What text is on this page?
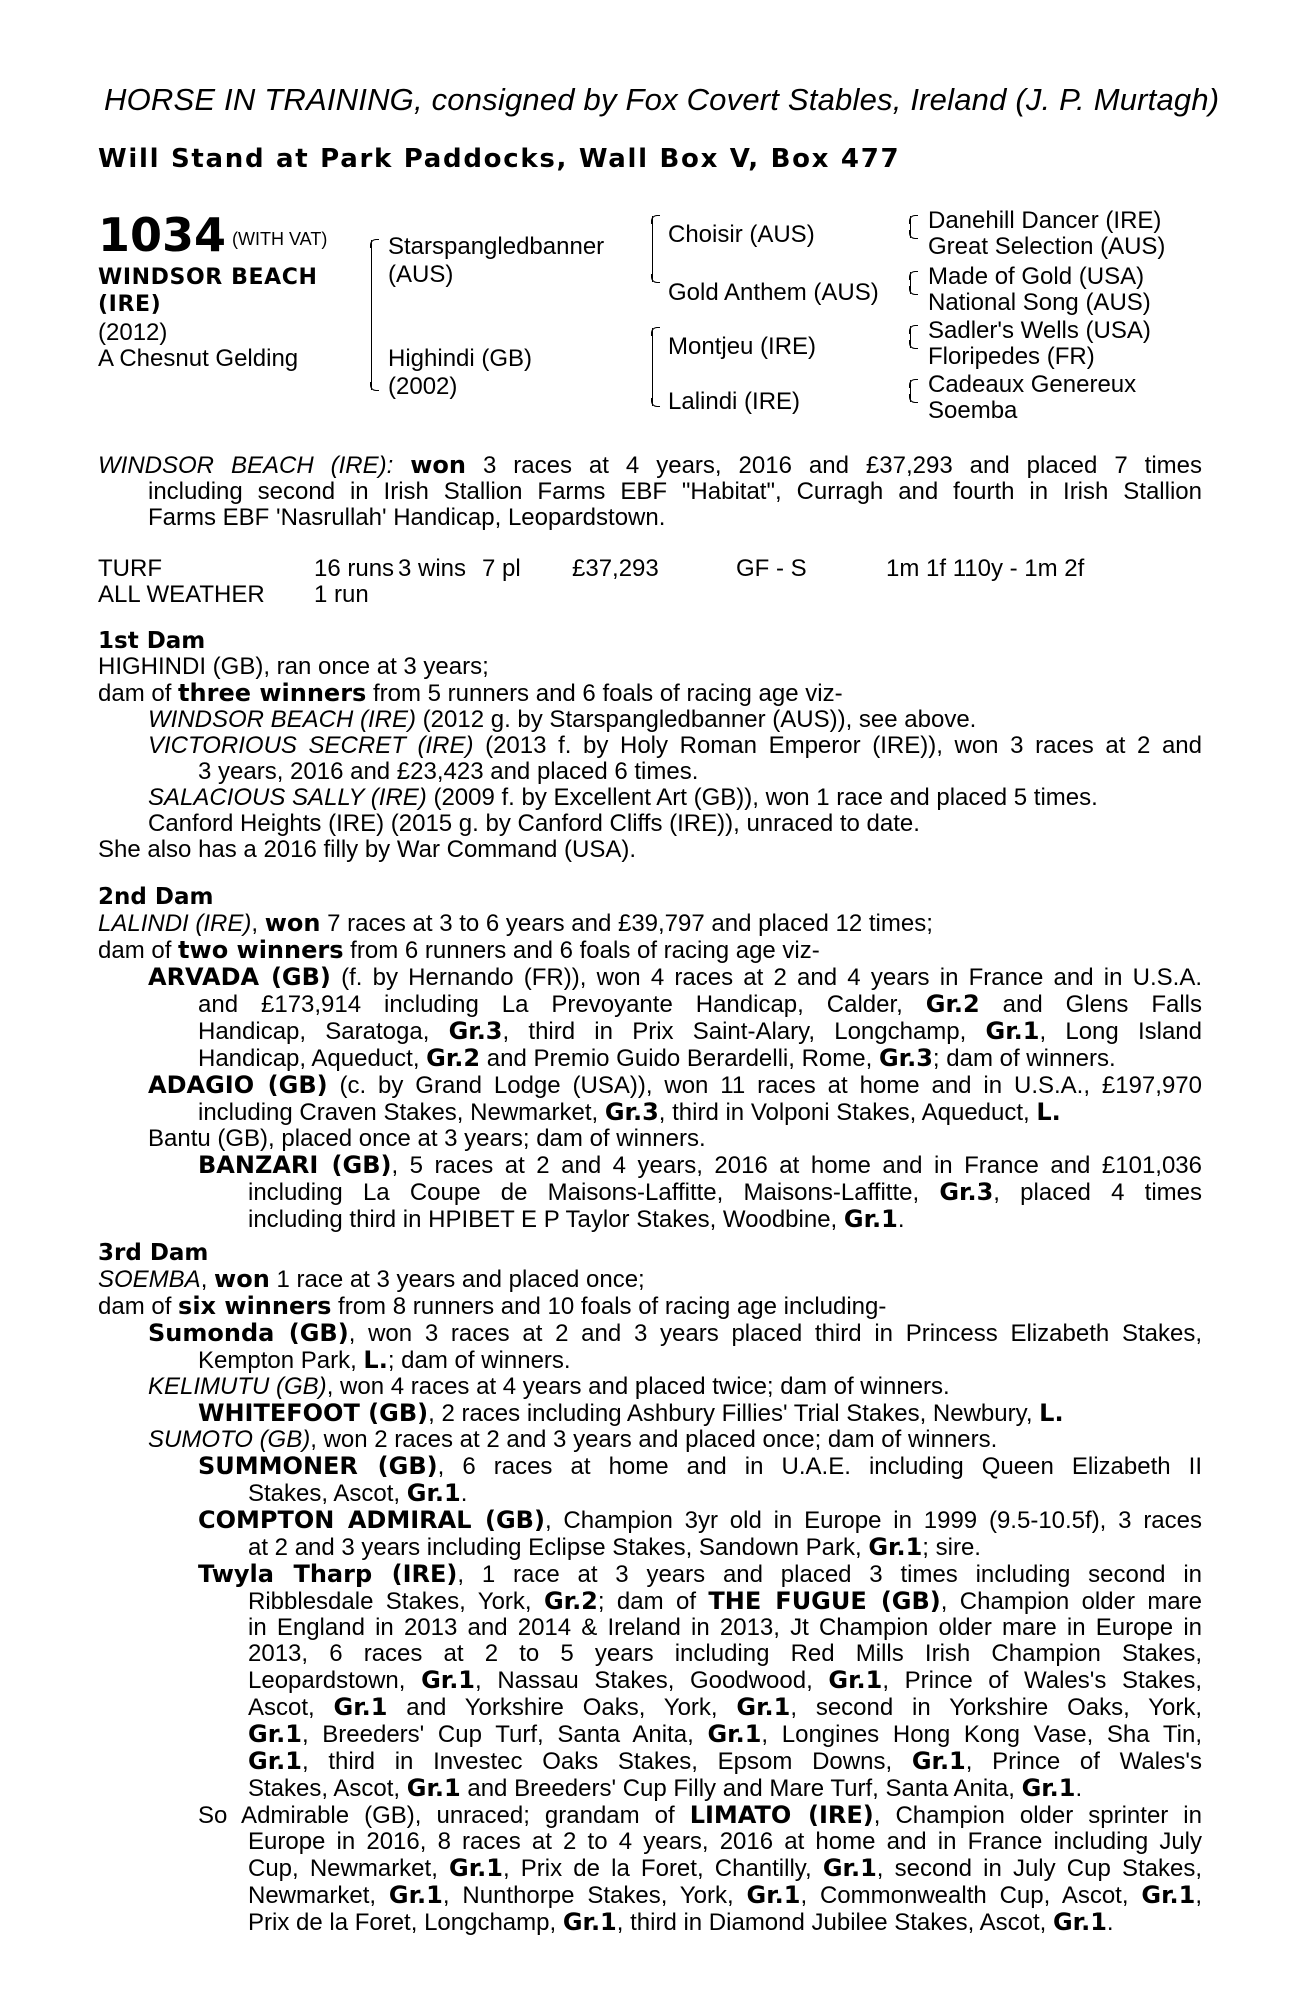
HORSE IN TRAINING, consigned by Fox Covert Stables, Ireland (J. P. Murtagh)
Will Stand at Park Paddocks, Wall Box V, Box 477
1034 $^{(WITH VAT)}$
WINDSOR BEACH
(IRE)
(2012)
A Chesnut Gelding
Starspangledbanner
(AUS)
Highindi (GB)
(2002)
Choisir (AUS)
Gold Anthem (AUS)
Montjeu (IRE)
Lalindi (IRE)
Danehill Dancer (IRE)
Great Selection (AUS)
Made of Gold (USA)
National Song (AUS)
Sadler's Wells (USA)
Floripedes (FR)
Cadeaux Genereux
Soemba
WINDSOR BEACH (IRE): won 3 races at 4 years, 2016 and £37,293 and placed 7 times
including second in Irish Stallion Farms EBF "Habitat", Curragh and fourth in Irish Stallion
Farms EBF 'Nasrullah' Handicap, Leopardstown.
TURF	16 runs	3 wins	7 pl	£37,293	GF - S	1m 1f 110y - 1m 2f
ALL WEATHER	1 run					
1st Dam
HIGHINDI (GB), ran once at 3 years;
dam of three winners from 5 runners and 6 foals of racing age viz-
WINDSOR BEACH (IRE) (2012 g. by Starspangledbanner (AUS)), see above.
VICTORIOUS SECRET (IRE) (2013 f. by Holy Roman Emperor (IRE)), won 3 races at 2 and
3 years, 2016 and £23,423 and placed 6 times.
SALACIOUS SALLY (IRE) (2009 f. by Excellent Art (GB)), won 1 race and placed 5 times.
Canford Heights (IRE) (2015 g. by Canford Cliffs (IRE)), unraced to date.
She also has a 2016 filly by War Command (USA).
2nd Dam
LALINDI (IRE), won 7 races at 3 to 6 years and £39,797 and placed 12 times;
dam of two winners from 6 runners and 6 foals of racing age viz-
ARVADA (GB) (f. by Hernando (FR)), won 4 races at 2 and 4 years in France and in U.S.A.
and £173,914 including La Prevoyante Handicap, Calder, Gr.2 and Glens Falls
Handicap, Saratoga, Gr.3, third in Prix Saint-Alary, Longchamp, Gr.1, Long Island
Handicap, Aqueduct, Gr.2 and Premio Guido Berardelli, Rome, Gr.3; dam of winners.
ADAGIO (GB) (c. by Grand Lodge (USA)), won 11 races at home and in U.S.A., £197,970
including Craven Stakes, Newmarket, Gr.3, third in Volponi Stakes, Aqueduct, L.
Bantu (GB), placed once at 3 years; dam of winners.
BANZARI (GB), 5 races at 2 and 4 years, 2016 at home and in France and £101,036
including La Coupe de Maisons-Laffitte, Maisons-Laffitte, Gr.3, placed 4 times
including third in HPIBET E P Taylor Stakes, Woodbine, Gr.1.
3rd Dam
SOEMBA, won 1 race at 3 years and placed once;
dam of six winners from 8 runners and 10 foals of racing age including-
Sumonda (GB), won 3 races at 2 and 3 years placed third in Princess Elizabeth Stakes,
Kempton Park, L.; dam of winners.
KELIMUTU (GB), won 4 races at 4 years and placed twice; dam of winners.
WHITEFOOT (GB), 2 races including Ashbury Fillies' Trial Stakes, Newbury, L.
SUMOTO (GB), won 2 races at 2 and 3 years and placed once; dam of winners.
SUMMONER (GB), 6 races at home and in U.A.E. including Queen Elizabeth II
Stakes, Ascot, Gr.1.
COMPTON ADMIRAL (GB), Champion 3yr old in Europe in 1999 (9.5-10.5f), 3 races
at 2 and 3 years including Eclipse Stakes, Sandown Park, Gr.1; sire.
Twyla Tharp (IRE), 1 race at 3 years and placed 3 times including second in
Ribblesdale Stakes, York, Gr.2; dam of THE FUGUE (GB), Champion older mare
in England in 2013 and 2014 & Ireland in 2013, Jt Champion older mare in Europe in
2013, 6 races at 2 to 5 years including Red Mills Irish Champion Stakes,
Leopardstown, Gr.1, Nassau Stakes, Goodwood, Gr.1, Prince of Wales's Stakes,
Ascot, Gr.1 and Yorkshire Oaks, York, Gr.1, second in Yorkshire Oaks, York,
Gr.1, Breeders' Cup Turf, Santa Anita, Gr.1, Longines Hong Kong Vase, Sha Tin,
Gr.1, third in Investec Oaks Stakes, Epsom Downs, Gr.1, Prince of Wales's
Stakes, Ascot, Gr.1 and Breeders' Cup Filly and Mare Turf, Santa Anita, Gr.1.
So Admirable (GB), unraced; grandam of LIMATO (IRE), Champion older sprinter in
Europe in 2016, 8 races at 2 to 4 years, 2016 at home and in France including July
Cup, Newmarket, Gr.1, Prix de la Foret, Chantilly, Gr.1, second in July Cup Stakes,
Newmarket, Gr.1, Nunthorpe Stakes, York, Gr.1, Commonwealth Cup, Ascot, Gr.1,
Prix de la Foret, Longchamp, Gr.1, third in Diamond Jubilee Stakes, Ascot, Gr.1.
